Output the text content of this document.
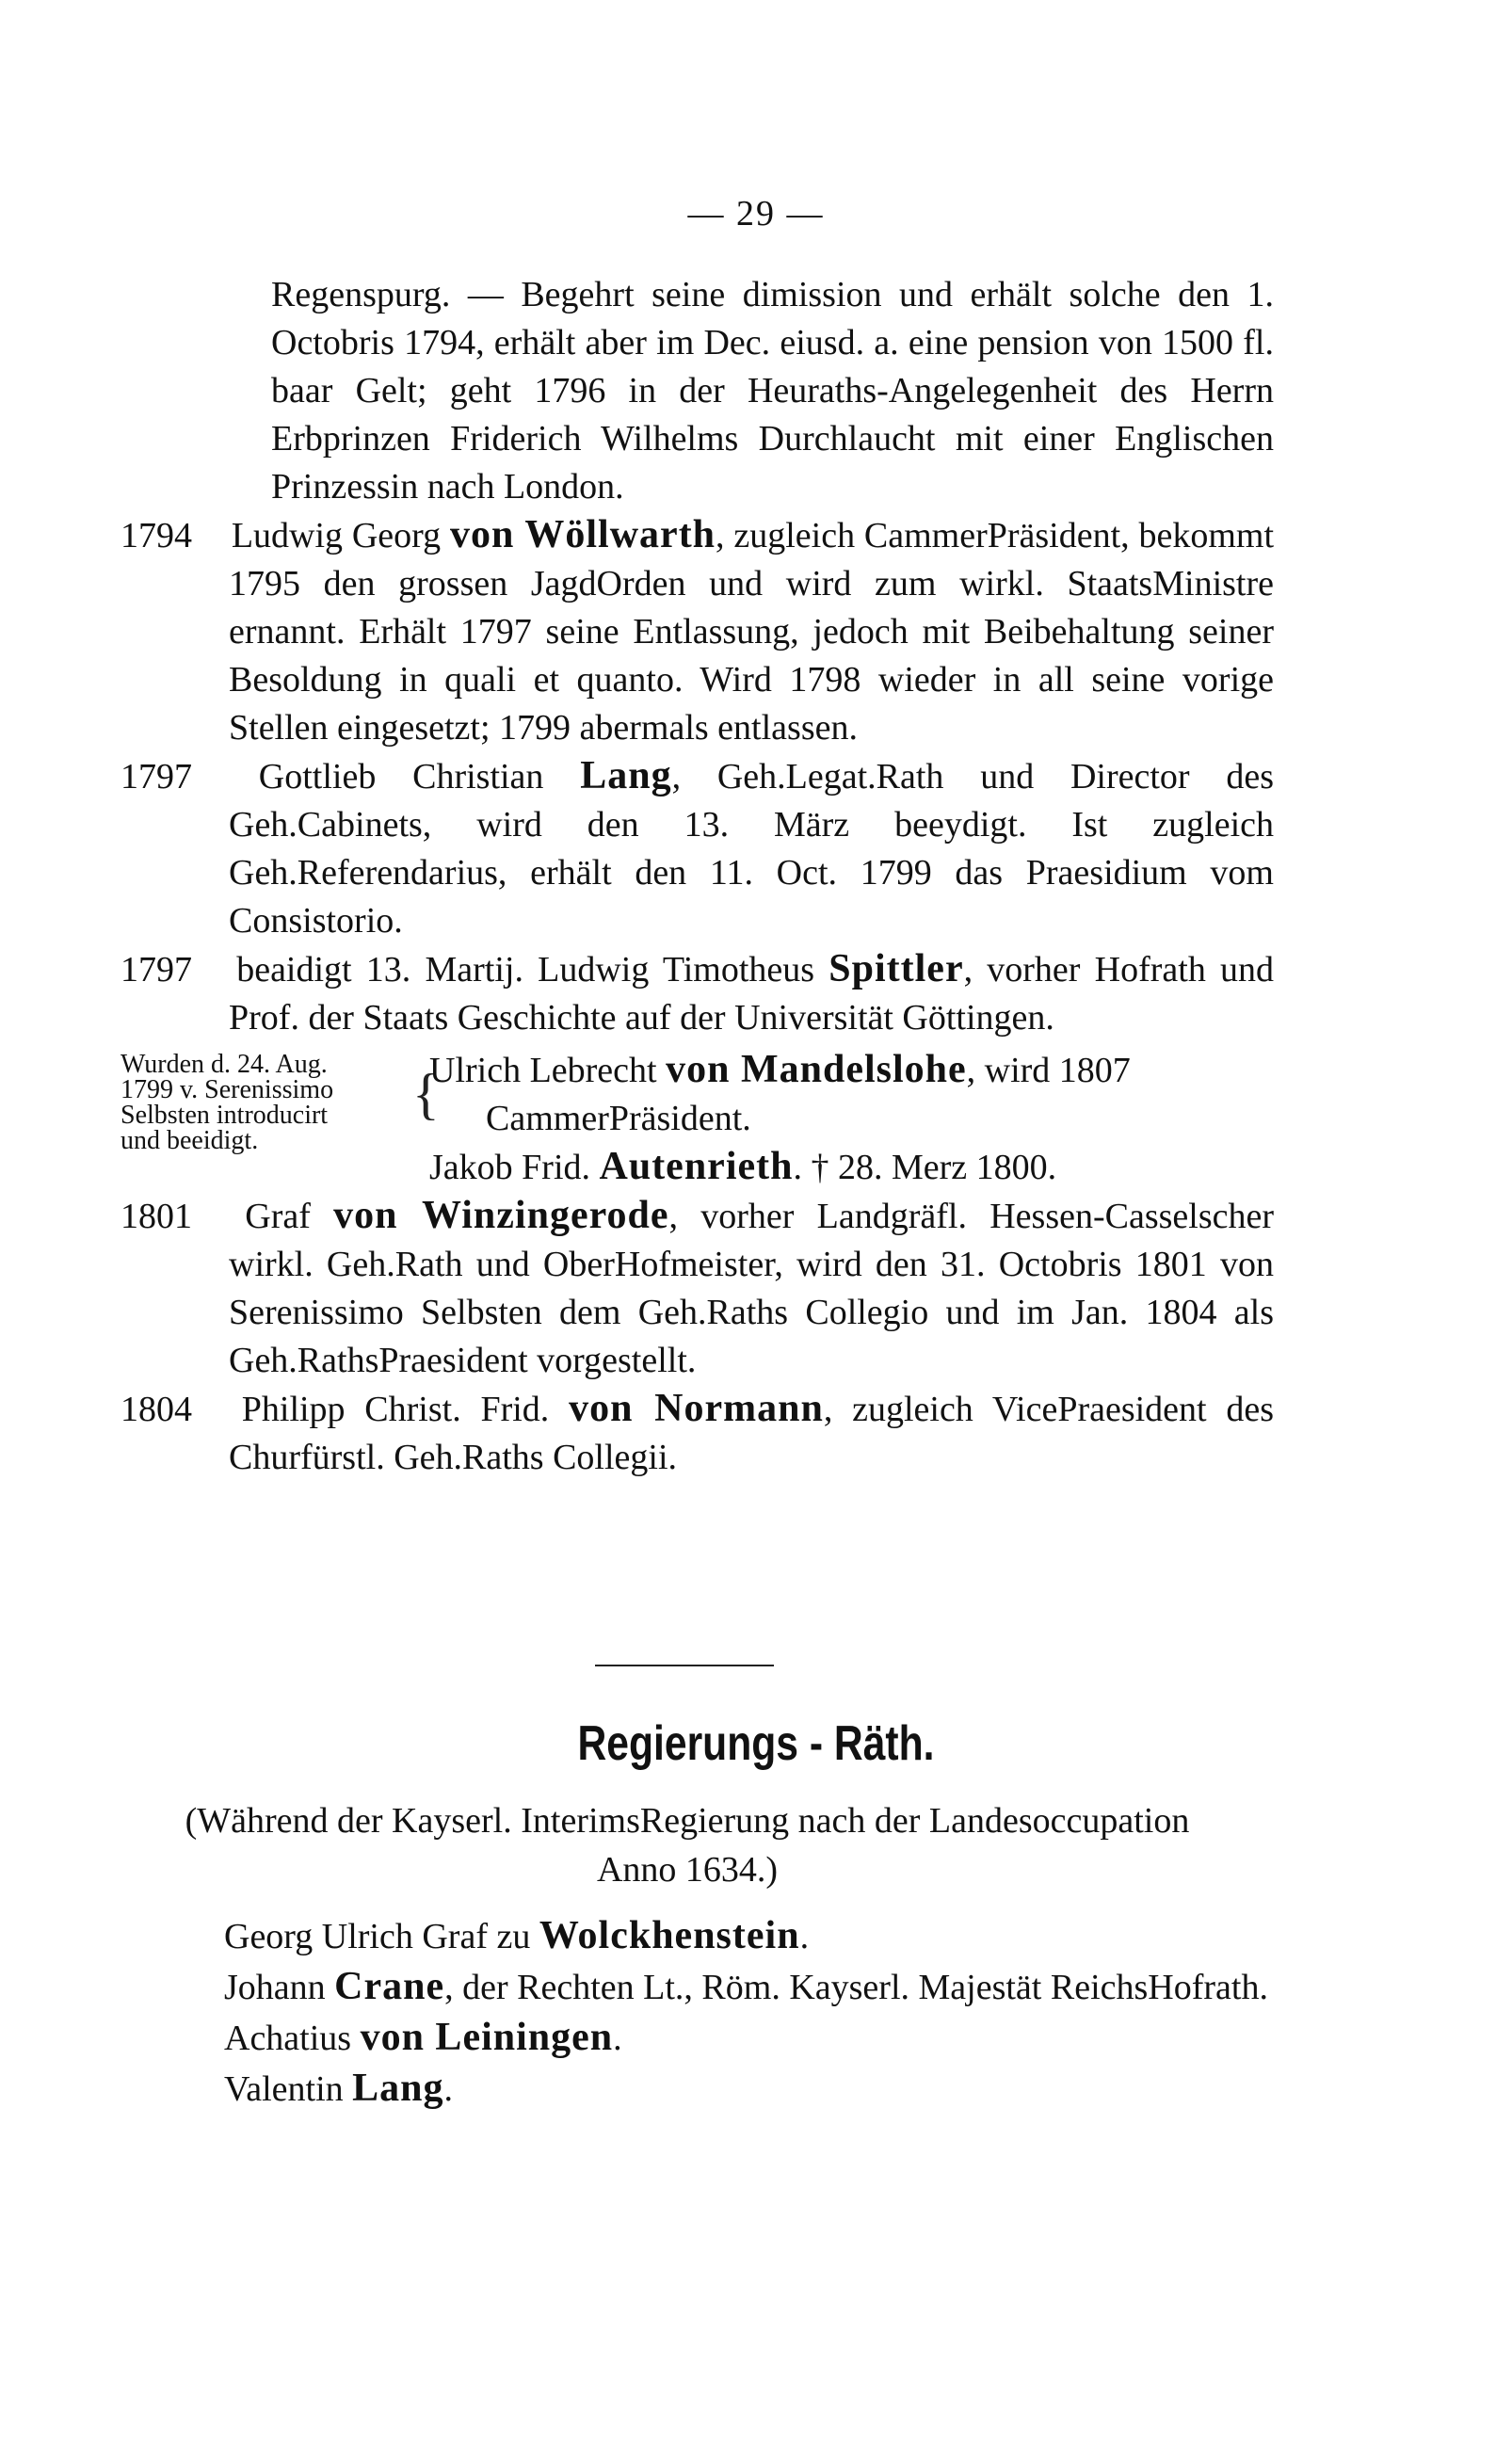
— 29 —

Regenspurg. — Begehrt seine dimission und erhält solche den 1. Octobris 1794, erhält aber im Dec. eiusd. a. eine pension von 1500 fl. baar Gelt; geht 1796 in der Heuraths-Angelegenheit des Herrn Erbprinzen Friderich Wilhelms Durchlaucht mit einer Englischen Prinzessin nach London.

1794 Ludwig Georg von Wöllwarth, zugleich CammerPräsident, bekommt 1795 den grossen JagdOrden und wird zum wirkl. StaatsMinistre ernannt. Erhält 1797 seine Entlassung, jedoch mit Beibehaltung seiner Besoldung in quali et quanto. Wird 1798 wieder in all seine vorige Stellen eingesetzt; 1799 abermals entlassen.

1797 Gottlieb Christian Lang, Geh.Legat.Rath und Director des Geh.Cabinets, wird den 13. März beeydigt. Ist zugleich Geh.Referendarius, erhält den 11. Oct. 1799 das Praesidium vom Consistorio.

1797 beaidigt 13. Martij. Ludwig Timotheus Spittler, vorher Hofrath und Prof. der Staats Geschichte auf der Universität Göttingen.

Wurden d. 24. Aug.
1799 v. Serenissimo
Selbsten introducirt
und beeidigt.
{

Ulrich Lebrecht von Mandelslohe, wird 1807

CammerPräsident.

Jakob Frid. Autenrieth. † 28. Merz 1800.

1801 Graf von Winzingerode, vorher Landgräfl. Hessen-Casselscher wirkl. Geh.Rath und OberHofmeister, wird den 31. Octobris 1801 von Serenissimo Selbsten dem Geh.Raths Collegio und im Jan. 1804 als Geh.RathsPraesident vorgestellt.

1804 Philipp Christ. Frid. von Normann, zugleich VicePraesident des Churfürstl. Geh.Raths Collegii.

Regierungs - Räth.
(Während der Kayserl. InterimsRegierung nach der Landesoccupation Anno 1634.)

Georg Ulrich Graf zu Wolckhenstein.

Johann Crane, der Rechten Lt., Röm. Kayserl. Majestät ReichsHofrath.

Achatius von Leiningen.

Valentin Lang.
